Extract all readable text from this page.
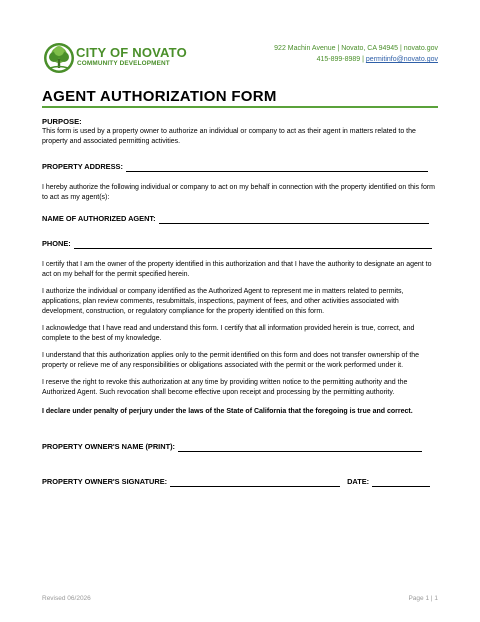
CITY OF NOVATO
COMMUNITY DEVELOPMENT
922 Machin Avenue | Novato, CA 94945 | novato.gov
415-899-8989 | permitinfo@novato.gov
AGENT AUTHORIZATION FORM

PURPOSE:

This form is used by a property owner to authorize an individual or company to act as their agent in matters related to the property and associated permitting activities.

PROPERTY ADDRESS:

I hereby authorize the following individual or company to act on my behalf in connection with the property identified on this form to act as my agent(s):

NAME OF AUTHORIZED AGENT:
PHONE:

I certify that I am the owner of the property identified in this authorization and that I have the authority to designate an agent to act on my behalf for the permit specified herein.

I authorize the individual or company identified as the Authorized Agent to represent me in matters related to permits, applications, plan review comments, resubmittals, inspections, payment of fees, and other activities associated with development, construction, or regulatory compliance for the property identified on this form.

I acknowledge that I have read and understand this form. I certify that all information provided herein is true, correct, and complete to the best of my knowledge.

I understand that this authorization applies only to the permit identified on this form and does not transfer ownership of the property or relieve me of any responsibilities or obligations associated with the permit or the work performed under it.

I reserve the right to revoke this authorization at any time by providing written notice to the permitting authority and the Authorized Agent. Such revocation shall become effective upon receipt and processing by the permitting authority.

I declare under penalty of perjury under the laws of the State of California that the foregoing is true and correct.

PROPERTY OWNER'S NAME (PRINT):
PROPERTY OWNER'S SIGNATURE:	DATE:
Revised 06/2026	Page 1 | 1
